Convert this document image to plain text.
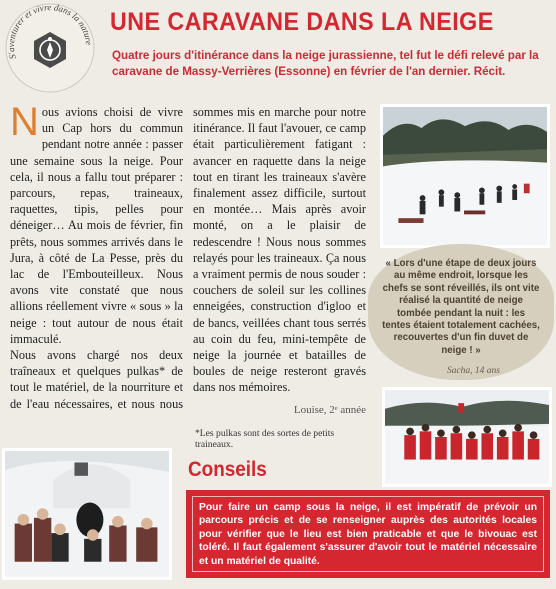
S'aventurer et vivre dans la nature
UNE CARAVANE DANS LA NEIGE

Quatre jours d'itinérance dans la neige jurassienne, tel fut le défi relevé par la caravane de Massy-Verrières (Essonne) en février de l'an dernier. Récit.

Nous avions choisi de vivre un Cap hors du commun pendant notre année : passer une semaine sous la neige. Pour cela, il nous a fallu tout préparer : parcours, repas, traineaux, raquettes, tipis, pelles pour déneiger… Au mois de février, fin prêts, nous sommes arrivés dans le Jura, à côté de La Pesse, près du lac de l'Embouteilleux. Nous avons vite constaté que nous allions réellement vivre « sous » la neige : tout autour de nous était immaculé.

Nous avons chargé nos deux traîneaux et quelques pulkas* de tout le matériel, de la nourriture et de l'eau nécessaires, et nous nous sommes mis en marche pour notre itinérance. Il faut l'avouer, ce camp était particulièrement fatigant : avancer en raquette dans la neige tout en tirant les traineaux s'avère finalement assez difficile, surtout en montée… Mais après avoir monté, on a le plaisir de redescendre ! Nous nous sommes relayés pour les traineaux. Ça nous a vraiment permis de nous souder : couchers de soleil sur les collines enneigées, construction d'igloo et de bancs, veillées chant tous serrés au coin du feu, mini-tempête de neige la journée et batailles de boules de neige resteront gravés dans nos mémoires.

Louise, 2ᵉ année

*Les pulkas sont des sortes de petits traineaux.

« Lors d'une étape de deux jours au même endroit, lorsque les chefs se sont réveillés, ils ont vite réalisé la quantité de neige tombée pendant la nuit : les tentes étaient totalement cachées, recouvertes d'un fin duvet de neige ! »

Sacha, 14 ans
Conseils
Pour faire un camp sous la neige, il est impératif de prévoir un parcours précis et de se renseigner auprès des autorités locales pour vérifier que le lieu est bien praticable et que le bivouac est toléré. Il faut également s'assurer d'avoir tout le matériel nécessaire et un matériel de qualité.
